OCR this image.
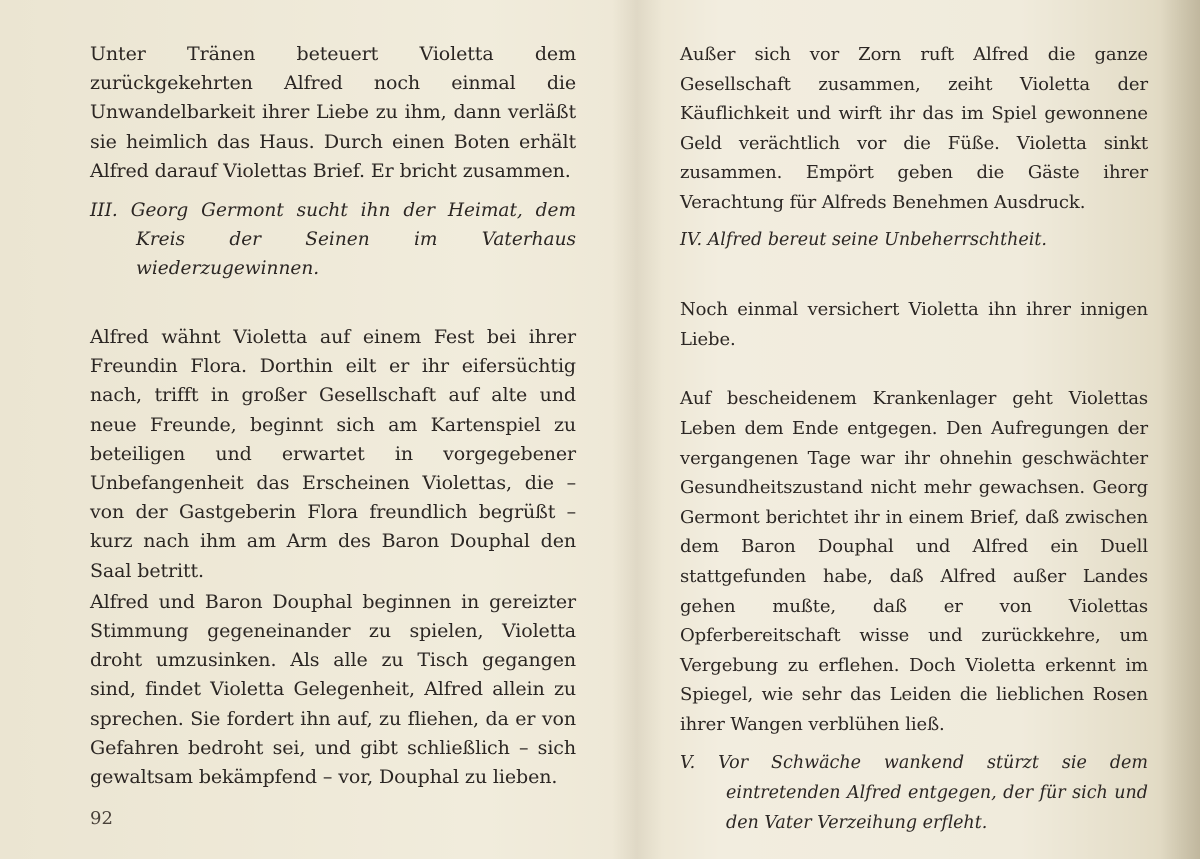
Unter Tränen beteuert Violetta dem zurückgekehrten Alfred noch einmal die Unwandelbarkeit ihrer Liebe zu ihm, dann verläßt sie heimlich das Haus. Durch einen Boten erhält Alfred darauf Violettas Brief. Er bricht zusammen.

III. Georg Germont sucht ihn der Heimat, dem Kreis der Seinen im Vaterhaus wiederzugewinnen.

Alfred wähnt Violetta auf einem Fest bei ihrer Freundin Flora. Dorthin eilt er ihr eifersüchtig nach, trifft in großer Gesellschaft auf alte und neue Freunde, beginnt sich am Kartenspiel zu beteiligen und erwartet in vorgegebener Unbefangenheit das Erscheinen Violettas, die – von der Gastgeberin Flora freundlich begrüßt – kurz nach ihm am Arm des Baron Douphal den Saal betritt.

Alfred und Baron Douphal beginnen in gereizter Stimmung gegeneinander zu spielen, Violetta droht umzusinken. Als alle zu Tisch gegangen sind, findet Violetta Gelegenheit, Alfred allein zu sprechen. Sie fordert ihn auf, zu fliehen, da er von Gefahren bedroht sei, und gibt schließlich – sich gewaltsam bekämpfend – vor, Douphal zu lieben.

Außer sich vor Zorn ruft Alfred die ganze Gesellschaft zusammen, zeiht Violetta der Käuflichkeit und wirft ihr das im Spiel gewonnene Geld verächtlich vor die Füße. Violetta sinkt zusammen. Empört geben die Gäste ihrer Verachtung für Alfreds Benehmen Ausdruck.

IV. Alfred bereut seine Unbeherrschtheit.

Noch einmal versichert Violetta ihn ihrer innigen Liebe.

Auf bescheidenem Krankenlager geht Violettas Leben dem Ende entgegen. Den Aufregungen der vergangenen Tage war ihr ohnehin geschwächter Gesundheitszustand nicht mehr gewachsen. Georg Germont berichtet ihr in einem Brief, daß zwischen dem Baron Douphal und Alfred ein Duell stattgefunden habe, daß Alfred außer Landes gehen mußte, daß er von Violettas Opferbereitschaft wisse und zurückkehre, um Vergebung zu erflehen. Doch Violetta erkennt im Spiegel, wie sehr das Leiden die lieblichen Rosen ihrer Wangen verblühen ließ.

V. Vor Schwäche wankend stürzt sie dem eintretenden Alfred entgegen, der für sich und den Vater Verzeihung erfleht.

92
